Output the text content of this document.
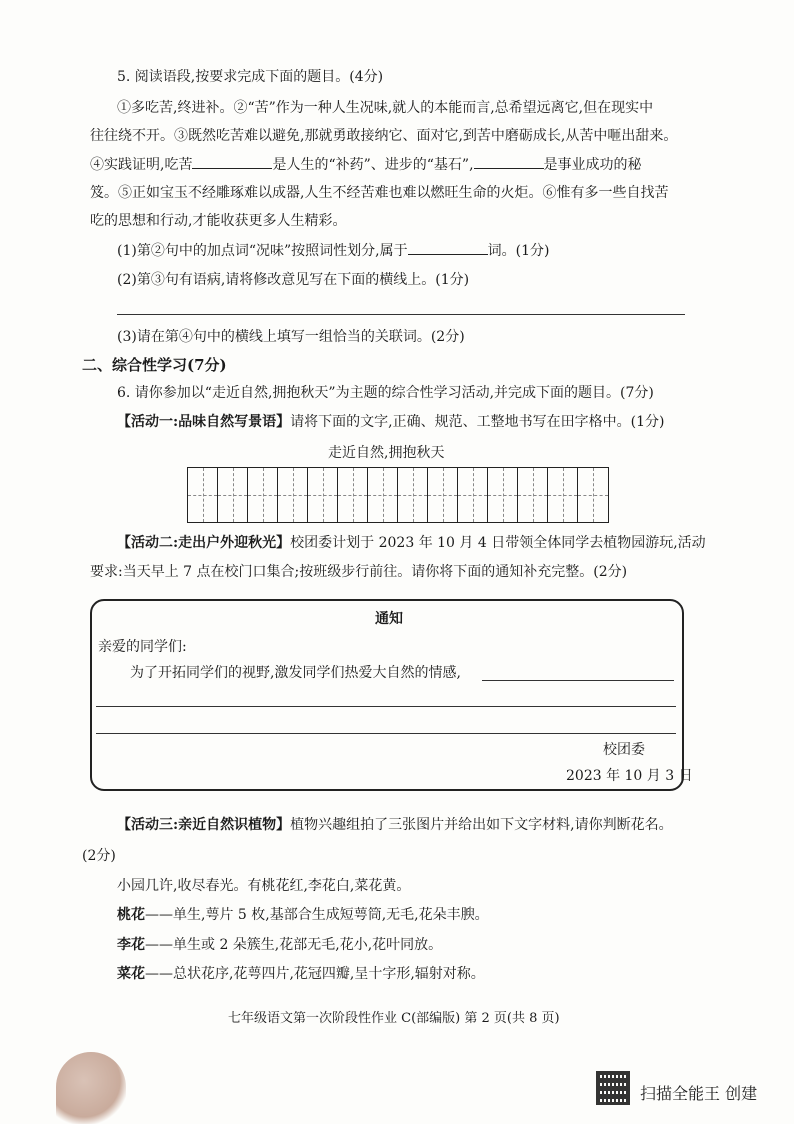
5. 阅读语段,按要求完成下面的题目。(4分)

①多吃苦,终进补。②“苦”作为一种人生况味,就人的本能而言,总希望远离它,但在现实中

往往绕不开。③既然吃苦难以避免,那就勇敢接纳它、面对它,到苦中磨砺成长,从苦中咂出甜来。

④实践证明,吃苦	是人生的“补药”、进步的“基石”,	是事业成功的秘

笈。⑤正如宝玉不经雕琢难以成器,人生不经苦难也难以燃旺生命的火炬。⑥惟有多一些自找苦

吃的思想和行动,才能收获更多人生精彩。

(1)第②句中的加点词“况味”按照词性划分,属于	词。(1分)

(2)第③句有语病,请将修改意见写在下面的横线上。(1分)

(3)请在第④句中的横线上填写一组恰当的关联词。(2分)

二、综合性学习(7分)

6. 请你参加以“走近自然,拥抱秋天”为主题的综合性学习活动,并完成下面的题目。(7分)

【活动一:品味自然写景语】请将下面的文字,正确、规范、工整地书写在田字格中。(1分)

走近自然,拥抱秋天

【活动二:走出户外迎秋光】校团委计划于 2023 年 10 月 4 日带领全体同学去植物园游玩,活动

要求:当天早上 7 点在校门口集合;按班级步行前往。请你将下面的通知补充完整。(2分)

通知

亲爱的同学们:

为了开拓同学们的视野,激发同学们热爱大自然的情感,

校团委

2023 年 10 月 3 日

【活动三:亲近自然识植物】植物兴趣组拍了三张图片并给出如下文字材料,请你判断花名。

(2分)

小园几许,收尽春光。有桃花红,李花白,菜花黄。

桃花——单生,萼片 5 枚,基部合生成短萼筒,无毛,花朵丰腴。

李花——单生或 2 朵簇生,花部无毛,花小,花叶同放。

菜花——总状花序,花萼四片,花冠四瓣,呈十字形,辐射对称。

七年级语文第一次阶段性作业 C(部编版) 第 2 页(共 8 页)

扫描全能王 创建
